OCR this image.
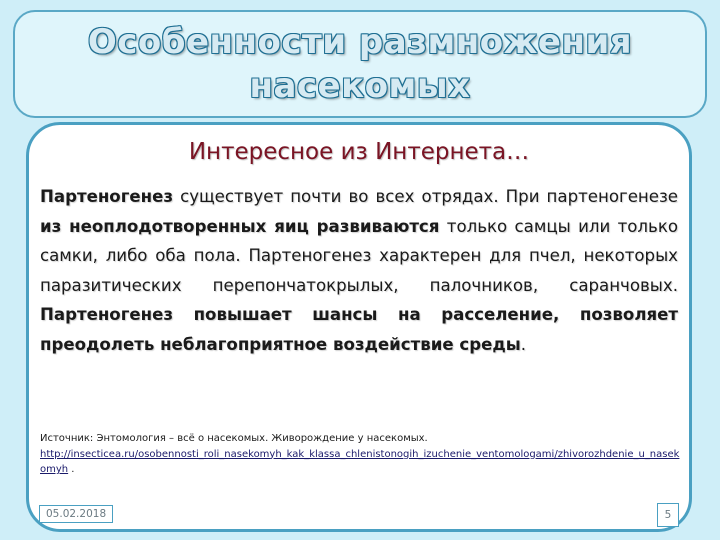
Особенности размножения
насекомых
Интересное из Интернета…
Партеногенез существует почти во всех отрядах. При партеногенезе из неоплодотворенных яиц развиваются только самцы или только самки, либо оба пола. Партеногенез характерен для пчел, некоторых паразитических перепончатокрылых, палочников, саранчовых. Партеногенез повышает шансы на расселение, позволяет преодолеть неблагоприятное воздействие среды.
Источник: Энтомология – всё о насекомых. Живорождение у насекомых.
http://insecticea.ru/osobennosti_roli_nasekomyh_kak_klassa_chlenistonogih_izuchenie_ventomologami/zhivorozhdenie_u_nasekomyh .
05.02.2018	5
